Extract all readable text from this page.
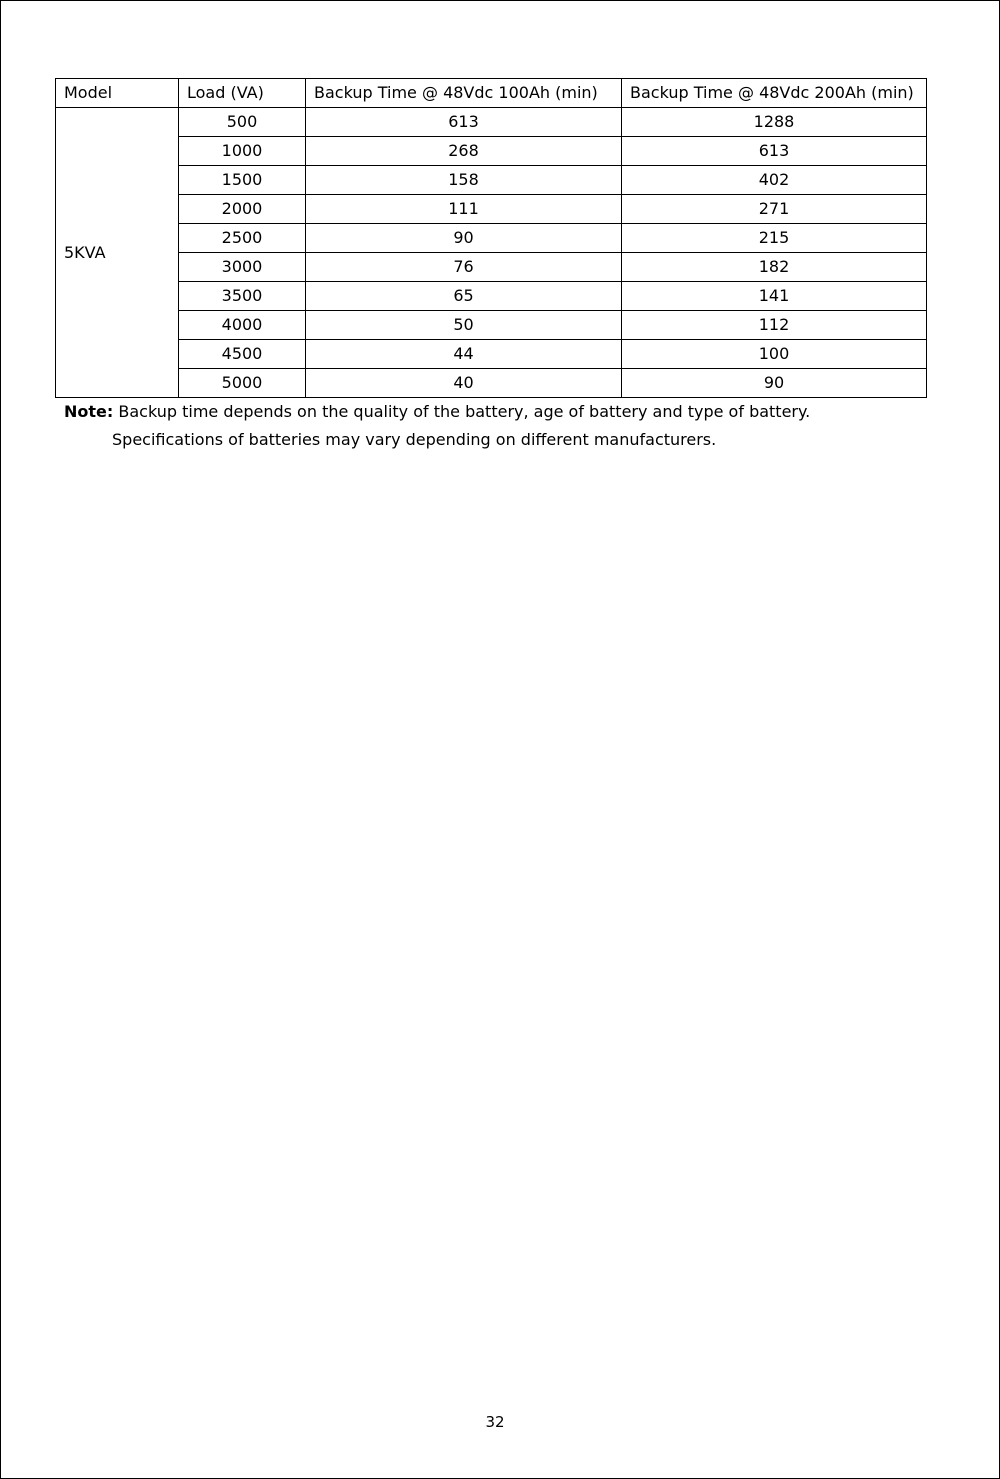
Model	Load (VA)	Backup Time @ 48Vdc 100Ah (min)	Backup Time @ 48Vdc 200Ah (min)
5KVA	500	613	1288
	1000	268	613
	1500	158	402
	2000	111	271
	2500	90	215
	3000	76	182
	3500	65	141
	4000	50	112
	4500	44	100
	5000	40	90
Note: Backup time depends on the quality of the battery, age of battery and type of battery.
Specifications of batteries may vary depending on different manufacturers.
32
